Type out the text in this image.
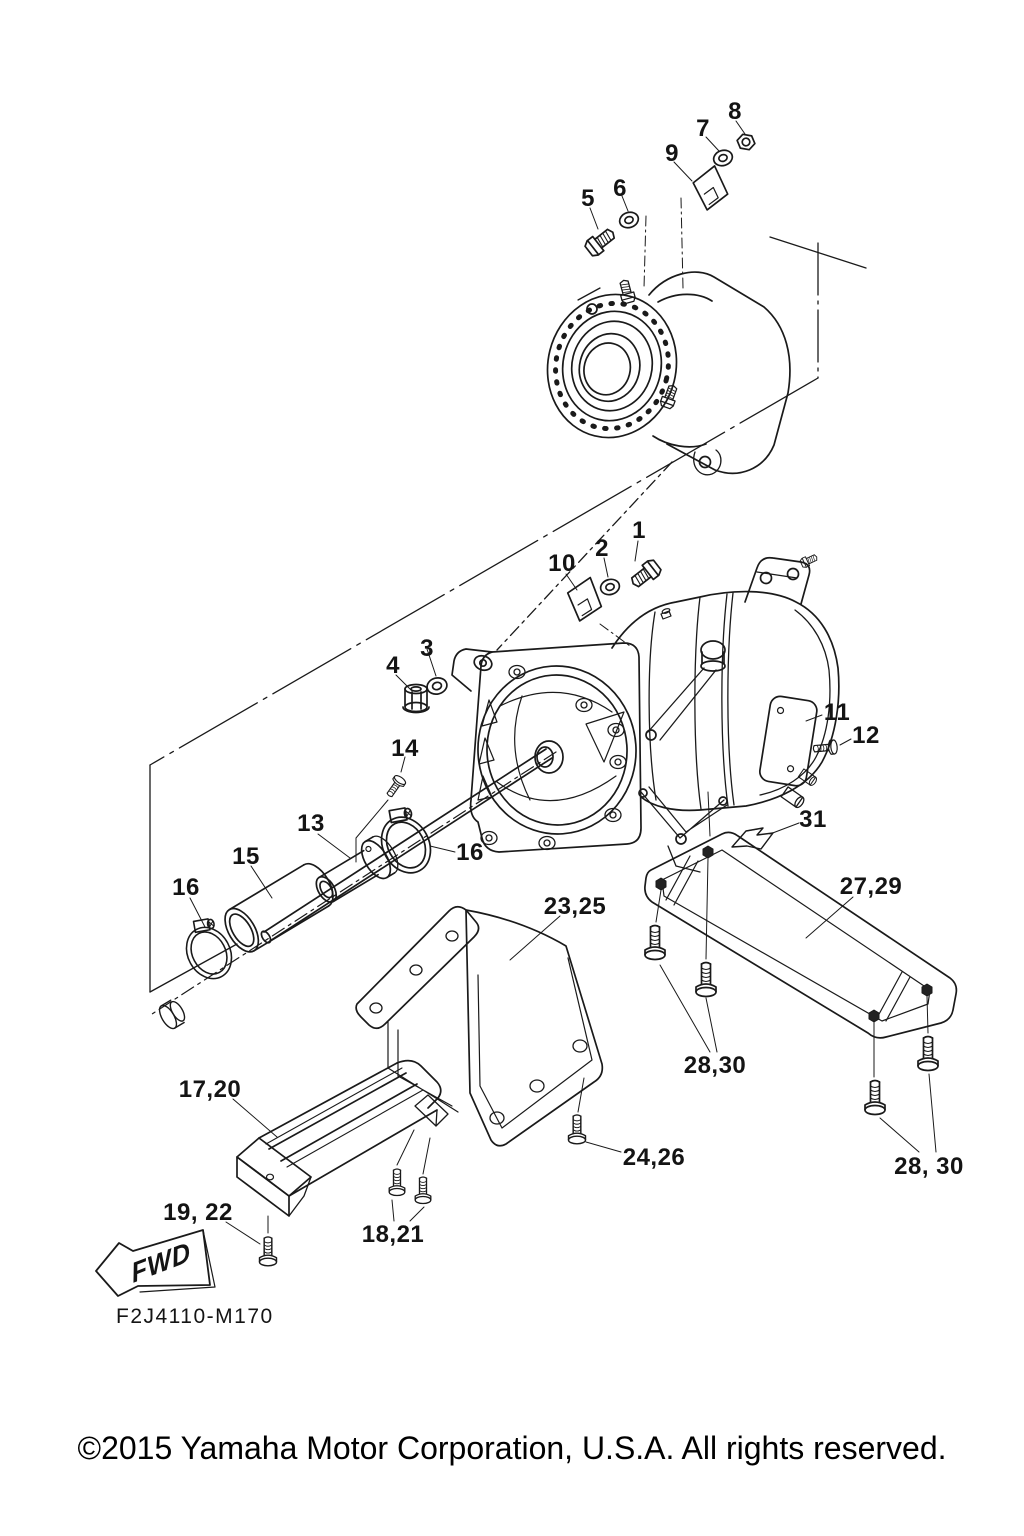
5 6
9
7
8
1
2
10
3
4
11
12
14
13
16
15
16
31
27,29
23,25
28,30
17,20
24,26	28, 30
18,21
19, 22
FWD
F2J4110-M170
©2015 Yamaha Motor Corporation, U.S.A. All rights reserved.
